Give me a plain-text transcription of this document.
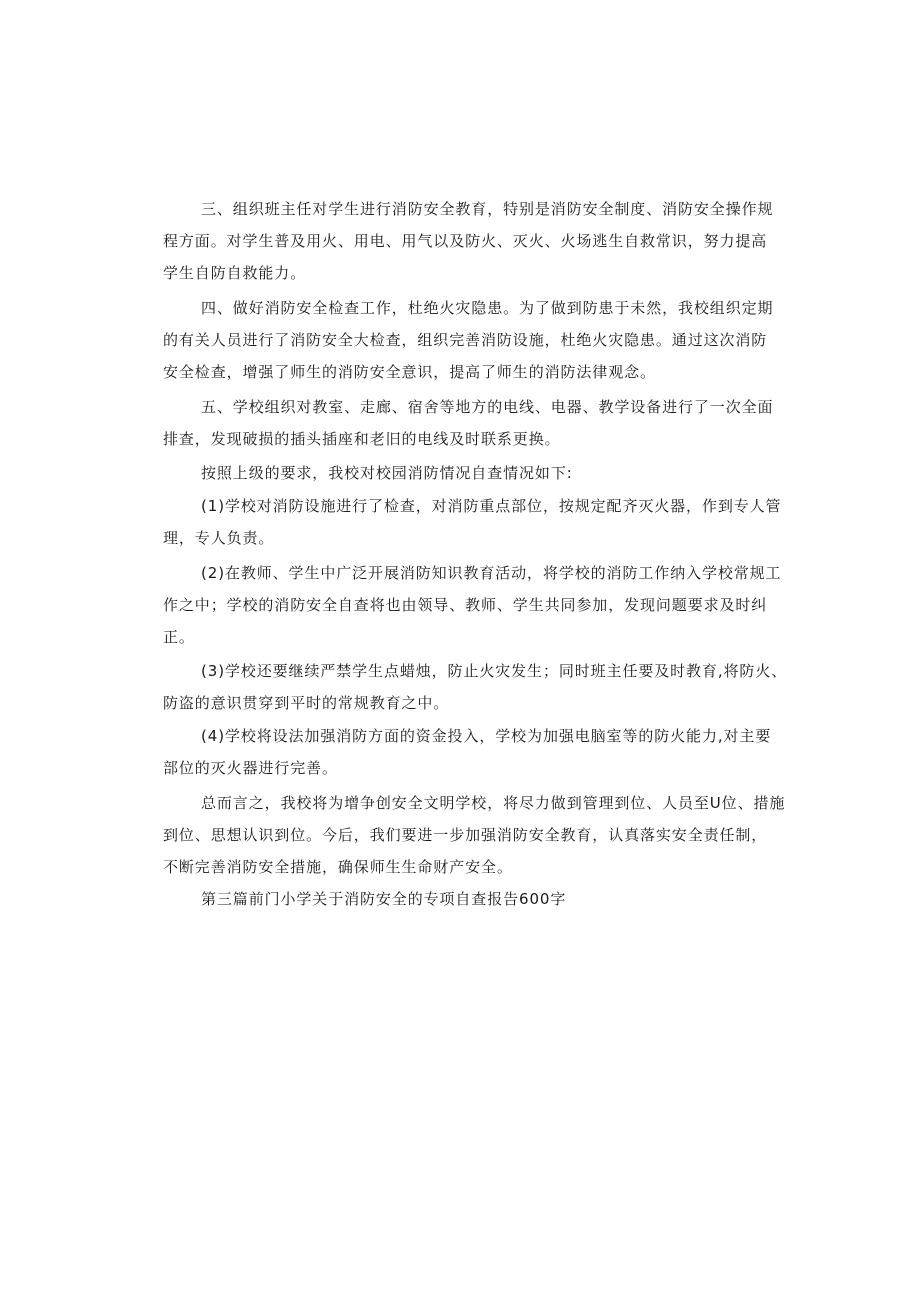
三、组织班主任对学生进行消防安全教育，特别是消防安全制度、消防安全操作规
程方面。对学生普及用火、用电、用气以及防火、灭火、火场逃生自救常识，努力提高
学生自防自救能力。
四、做好消防安全检查工作，杜绝火灾隐患。为了做到防患于未然，我校组织定期
的有关人员进行了消防安全大检查，组织完善消防设施，杜绝火灾隐患。通过这次消防
安全检查，增强了师生的消防安全意识，提高了师生的消防法律观念。
五、学校组织对教室、走廊、宿舍等地方的电线、电器、教学设备进行了一次全面
排查，发现破损的插头插座和老旧的电线及时联系更换。
按照上级的要求，我校对校园消防情况自查情况如下:
(1)学校对消防设施进行了检查，对消防重点部位，按规定配齐灭火器，作到专人管
理，专人负责。
(2)在教师、学生中广泛开展消防知识教育活动，将学校的消防工作纳入学校常规工
作之中；学校的消防安全自查将也由领导、教师、学生共同参加，发现问题要求及时纠
正。
(3)学校还要继续严禁学生点蜡烛，防止火灾发生；同时班主任要及时教育,将防火、
防盗的意识贯穿到平时的常规教育之中。
(4)学校将设法加强消防方面的资金投入，学校为加强电脑室等的防火能力,对主要
部位的灭火器进行完善。
总而言之，我校将为增争创安全文明学校，将尽力做到管理到位、人员至U位、措施
到位、思想认识到位。今后，我们要进一步加强消防安全教育，认真落实安全责任制，
不断完善消防安全措施，确保师生生命财产安全。
第三篇前门小学关于消防安全的专项自查报告600字
